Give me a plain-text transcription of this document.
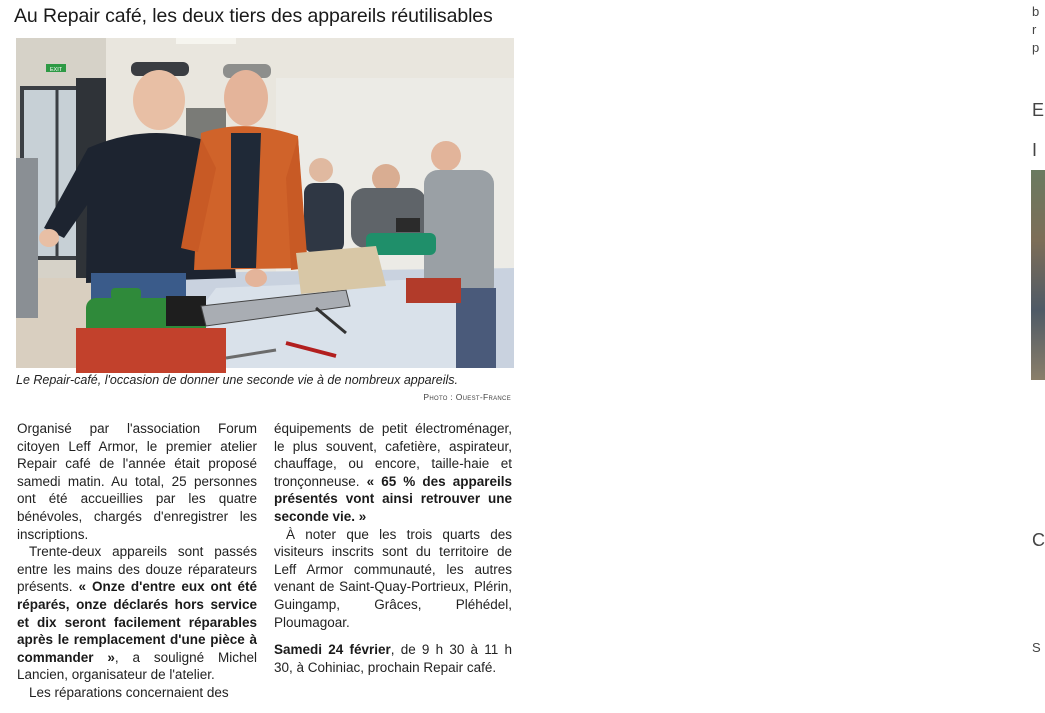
Au Repair café, les deux tiers des appareils réutilisables
EXIT
Le Repair-café, l'occasion de donner une seconde vie à de nombreux appareils.
Photo : Ouest-France

Organisé par l'association Forum citoyen Leff Armor, le premier atelier Repair café de l'année était proposé samedi matin. Au total, 25 personnes ont été accueillies par les quatre bénévoles, chargés d'enregistrer les inscriptions.

Trente-deux appareils sont passés entre les mains des douze réparateurs présents. « Onze d'entre eux ont été réparés, onze déclarés hors service et dix seront facilement réparables après le remplacement d'une pièce à commander », a souligné Michel Lancien, organisateur de l'atelier.

Les réparations concernaient des

équipements de petit électroménager, le plus souvent, cafetière, aspirateur, chauffage, ou encore, taille-haie et tronçonneuse. « 65 % des appareils présentés vont ainsi retrouver une seconde vie. »

À noter que les trois quarts des visiteurs inscrits sont du territoire de Leff Armor communauté, les autres venant de Saint-Quay-Portrieux, Plérin, Guingamp, Grâces, Pléhédel, Ploumagoar.

Samedi 24 février, de 9 h 30 à 11 h 30, à Cohiniac, prochain Repair café.

b
r
p
E
I
C
S
